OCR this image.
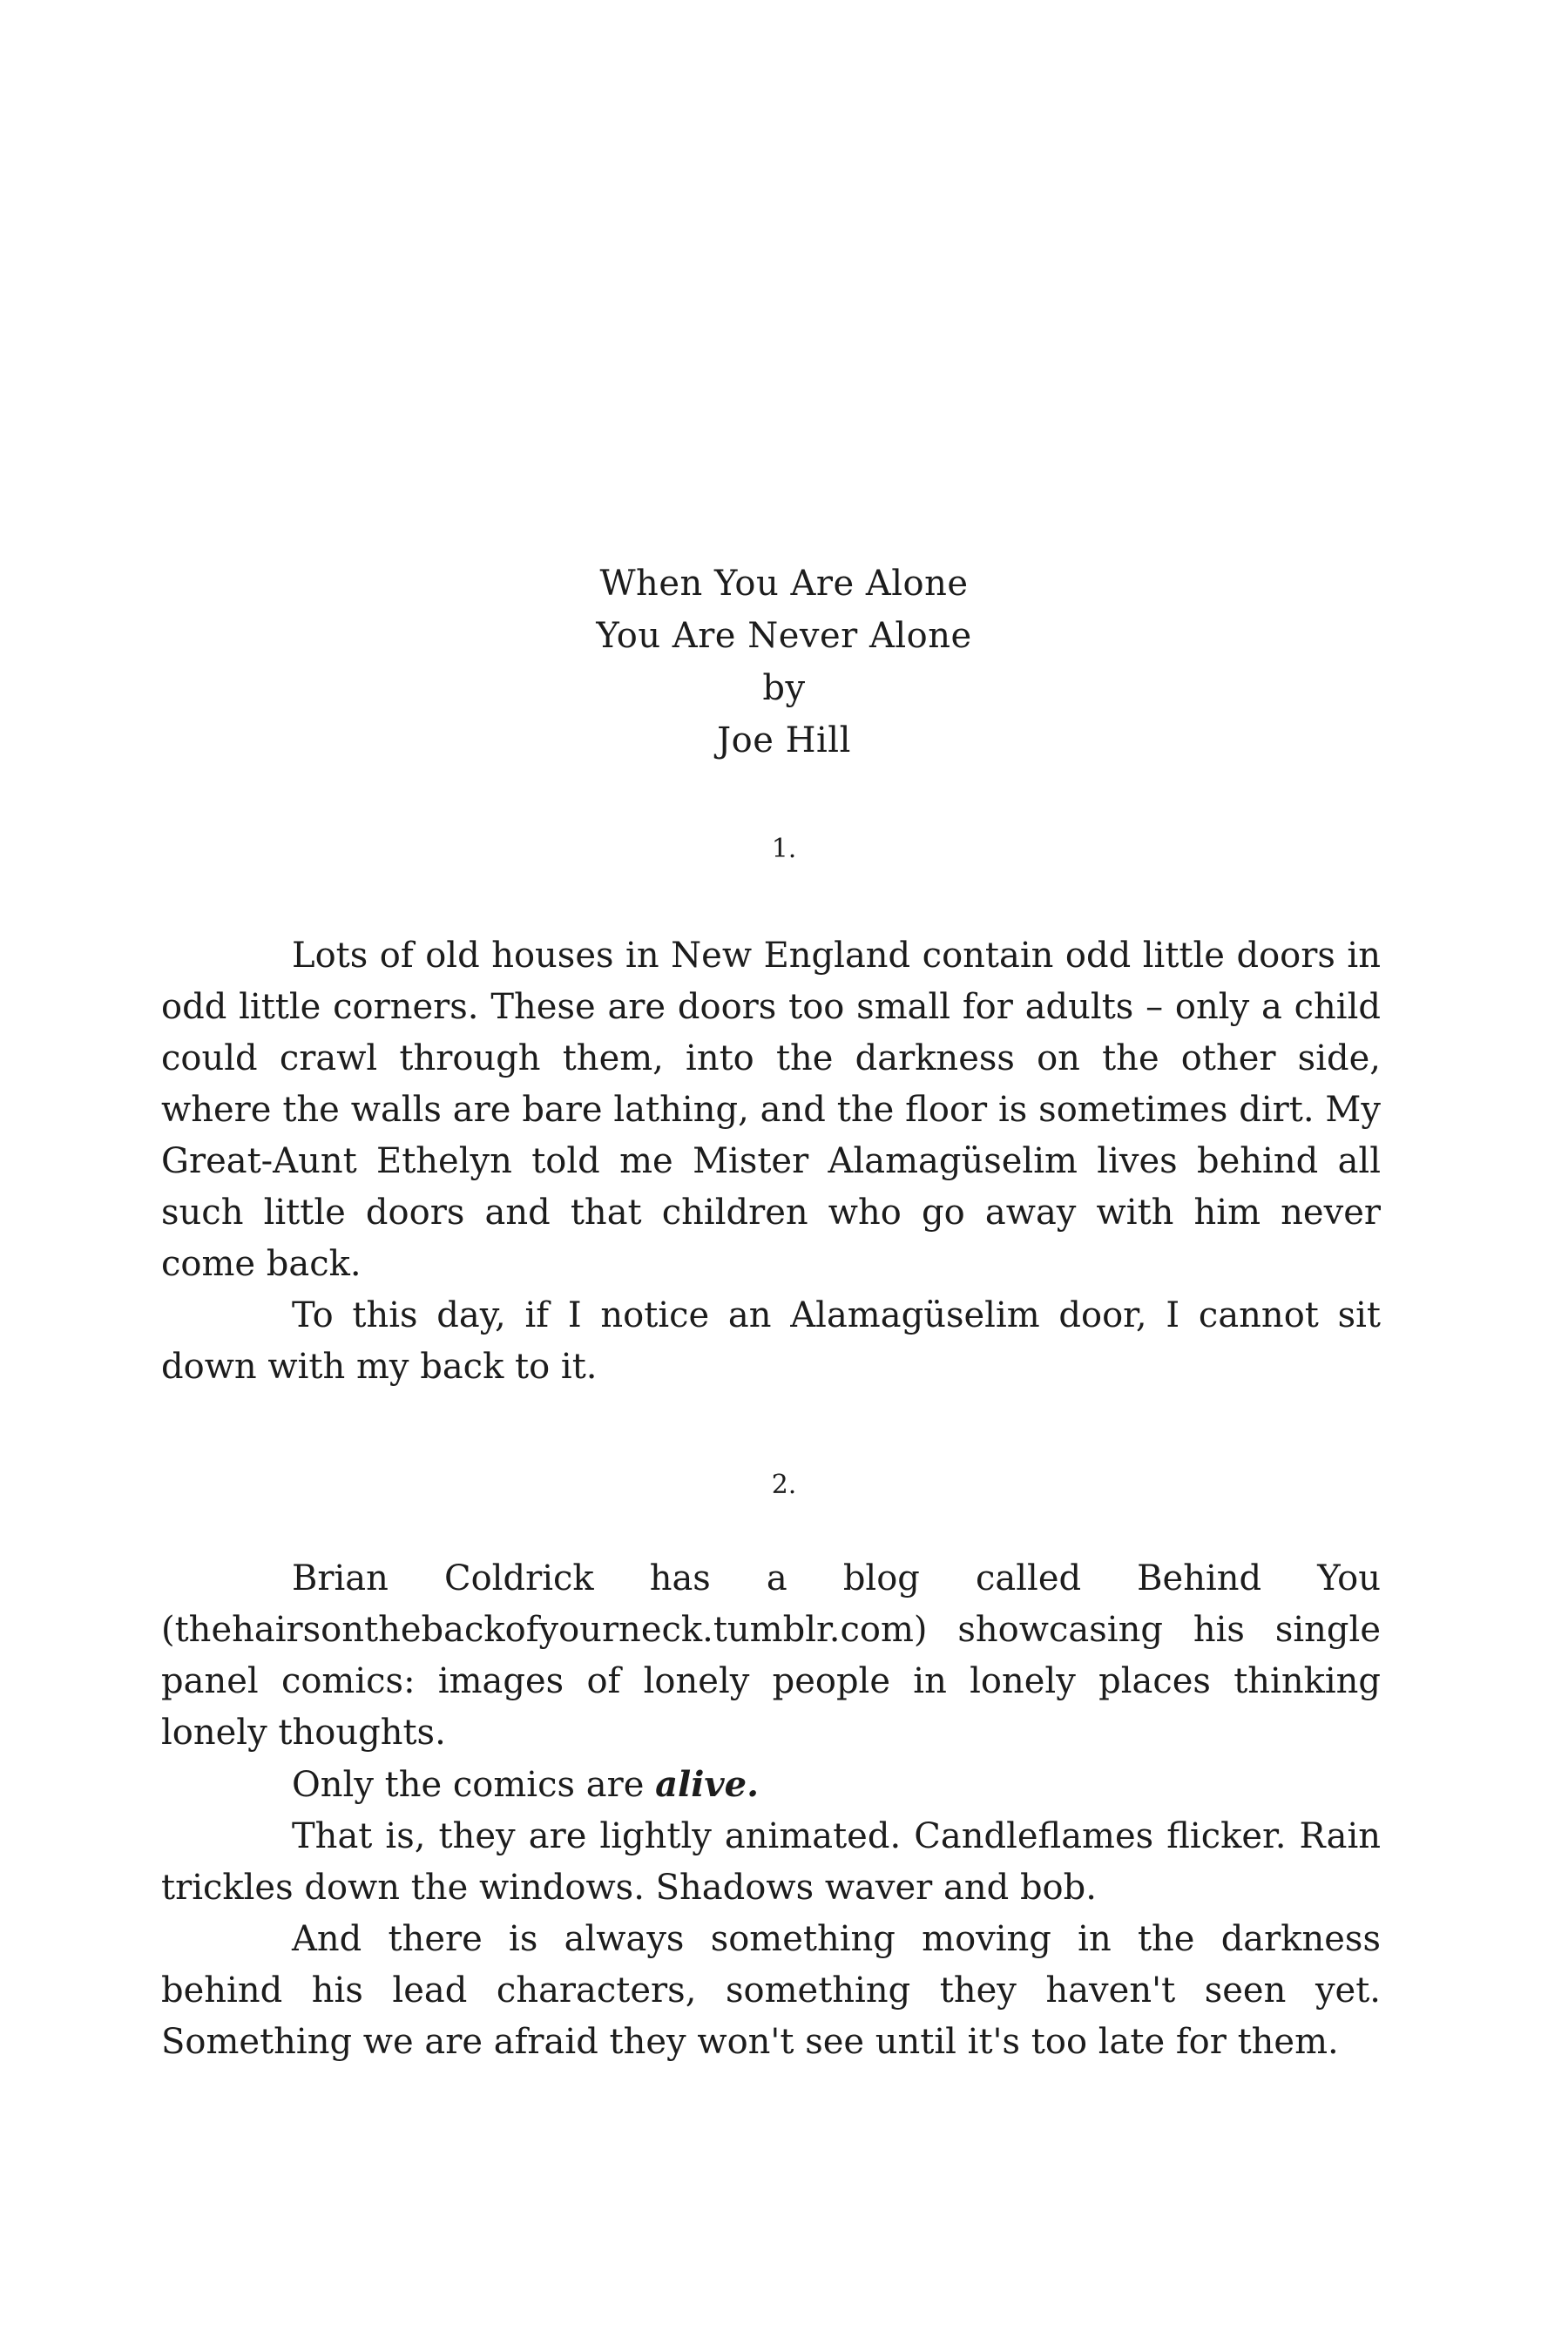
When You Are Alone
You Are Never Alone
by
Joe Hill
1.

Lots of old houses in New England contain odd little doors in odd little corners. These are doors too small for adults – only a child could crawl through them, into the darkness on the other side, where the walls are bare lathing, and the floor is sometimes dirt. My Great-Aunt Ethelyn told me Mister Alamagüselim lives behind all such little doors and that children who go away with him never come back.

To this day, if I notice an Alamagüselim door, I cannot sit down with my back to it.

2.

Brian Coldrick has a blog called Behind You (thehairsonthebackofyourneck.tumblr.com) showcasing his single panel comics: images of lonely people in lonely places thinking lonely thoughts.

Only the comics are alive.

That is, they are lightly animated. Candleflames flicker. Rain trickles down the windows. Shadows waver and bob.

And there is always something moving in the darkness behind his lead characters, something they haven't seen yet. Something we are afraid they won't see until it's too late for them.
